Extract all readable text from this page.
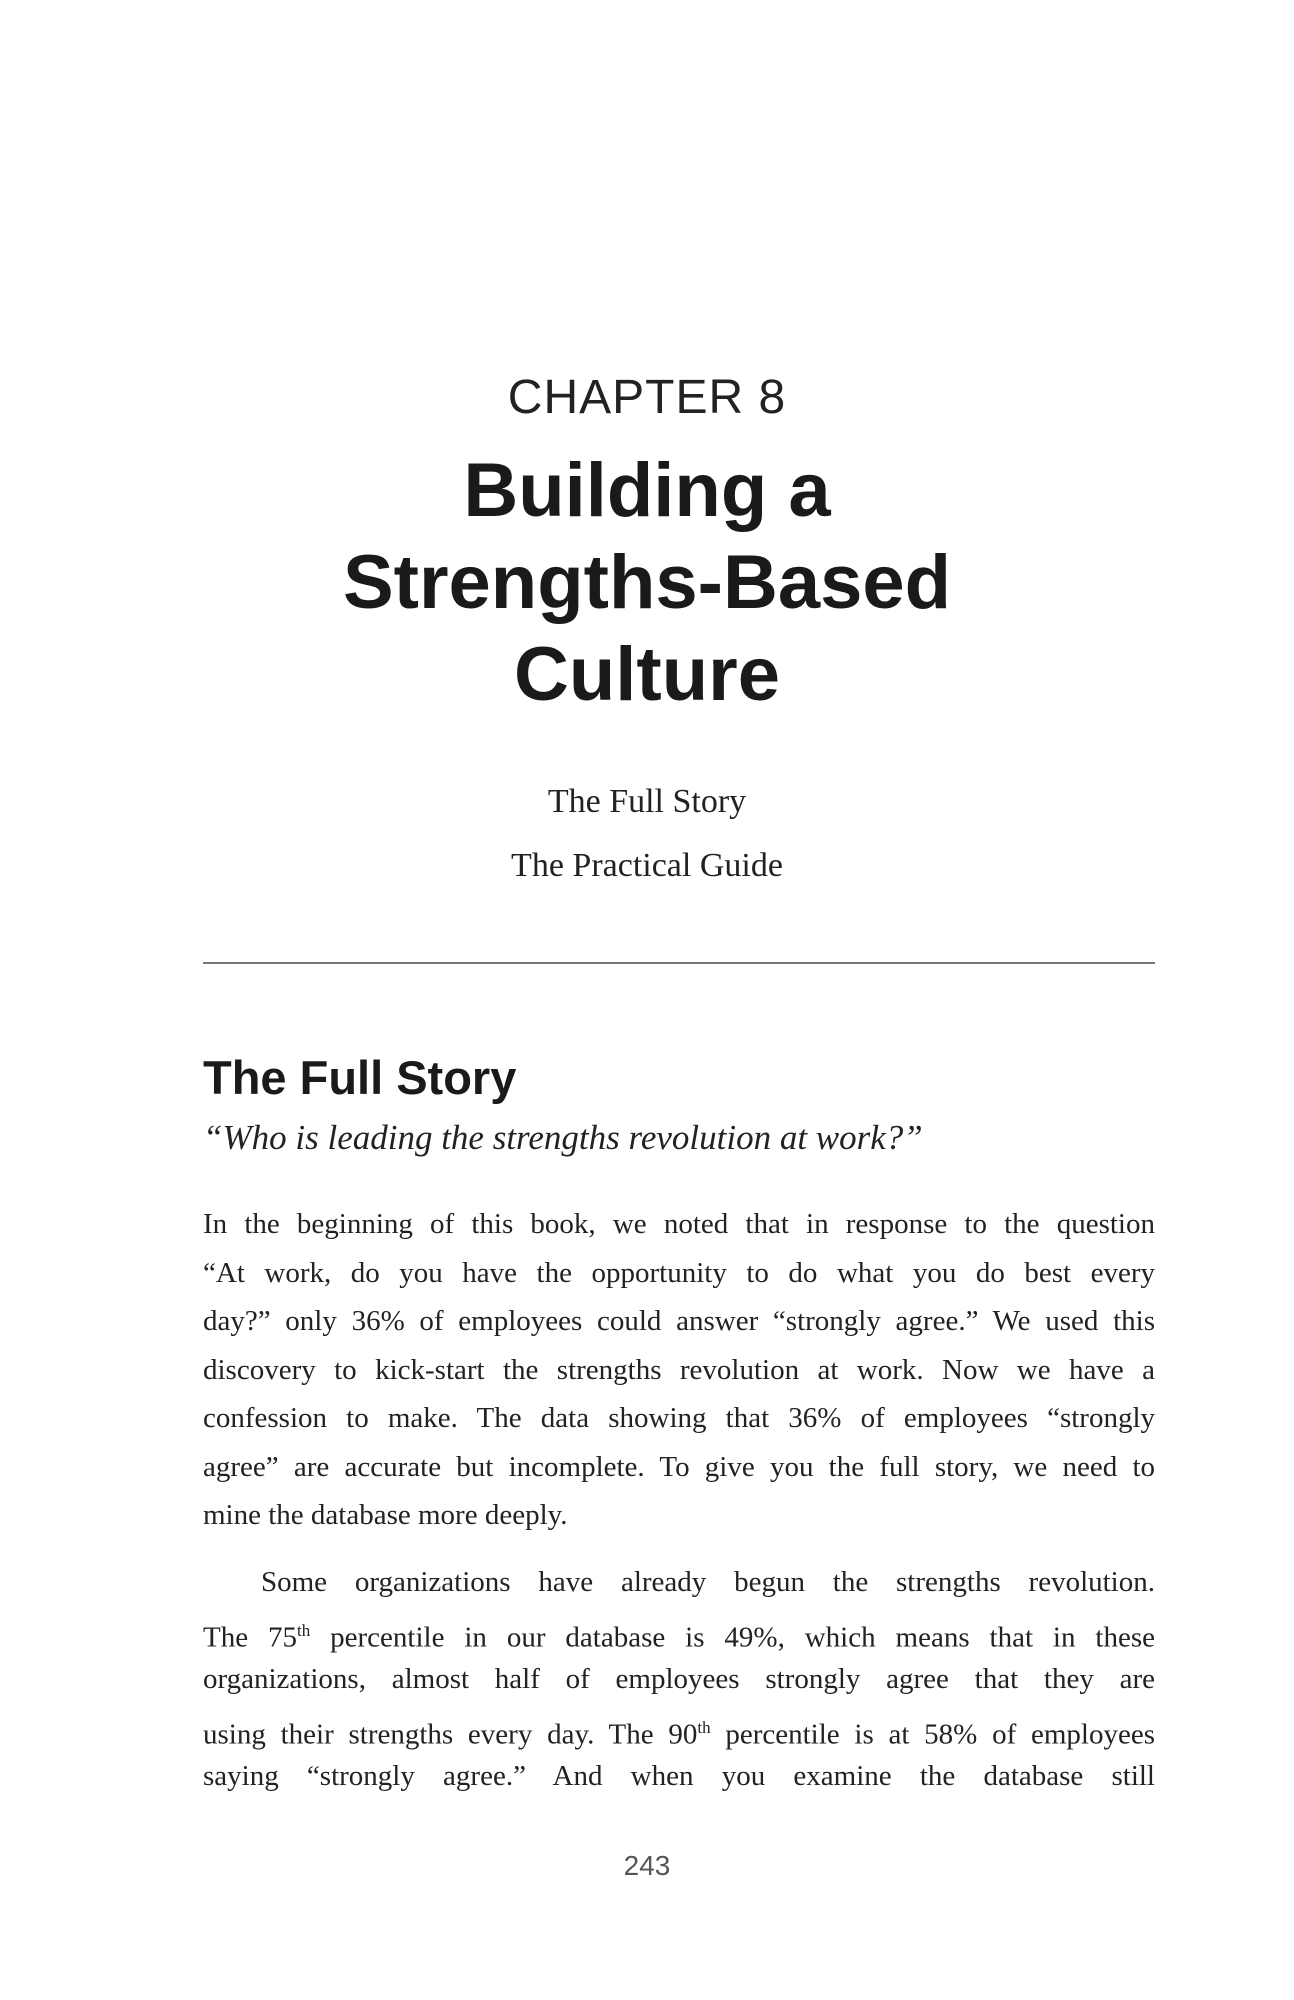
CHAPTER 8
Building a
Strengths-Based
Culture
The Full Story
The Practical Guide
The Full Story
“Who is leading the strengths revolution at work?”
In the beginning of this book, we noted that in response to the question
“At work, do you have the opportunity to do what you do best every
day?” only 36% of employees could answer “strongly agree.” We used this
discovery to kick-start the strengths revolution at work. Now we have a
confession to make. The data showing that 36% of employees “strongly
agree” are accurate but incomplete. To give you the full story, we need to
mine the database more deeply.
Some organizations have already begun the strengths revolution.
The 75th percentile in our database is 49%, which means that in these
organizations, almost half of employees strongly agree that they are
using their strengths every day. The 90th percentile is at 58% of employees
saying “strongly agree.” And when you examine the database still
243
